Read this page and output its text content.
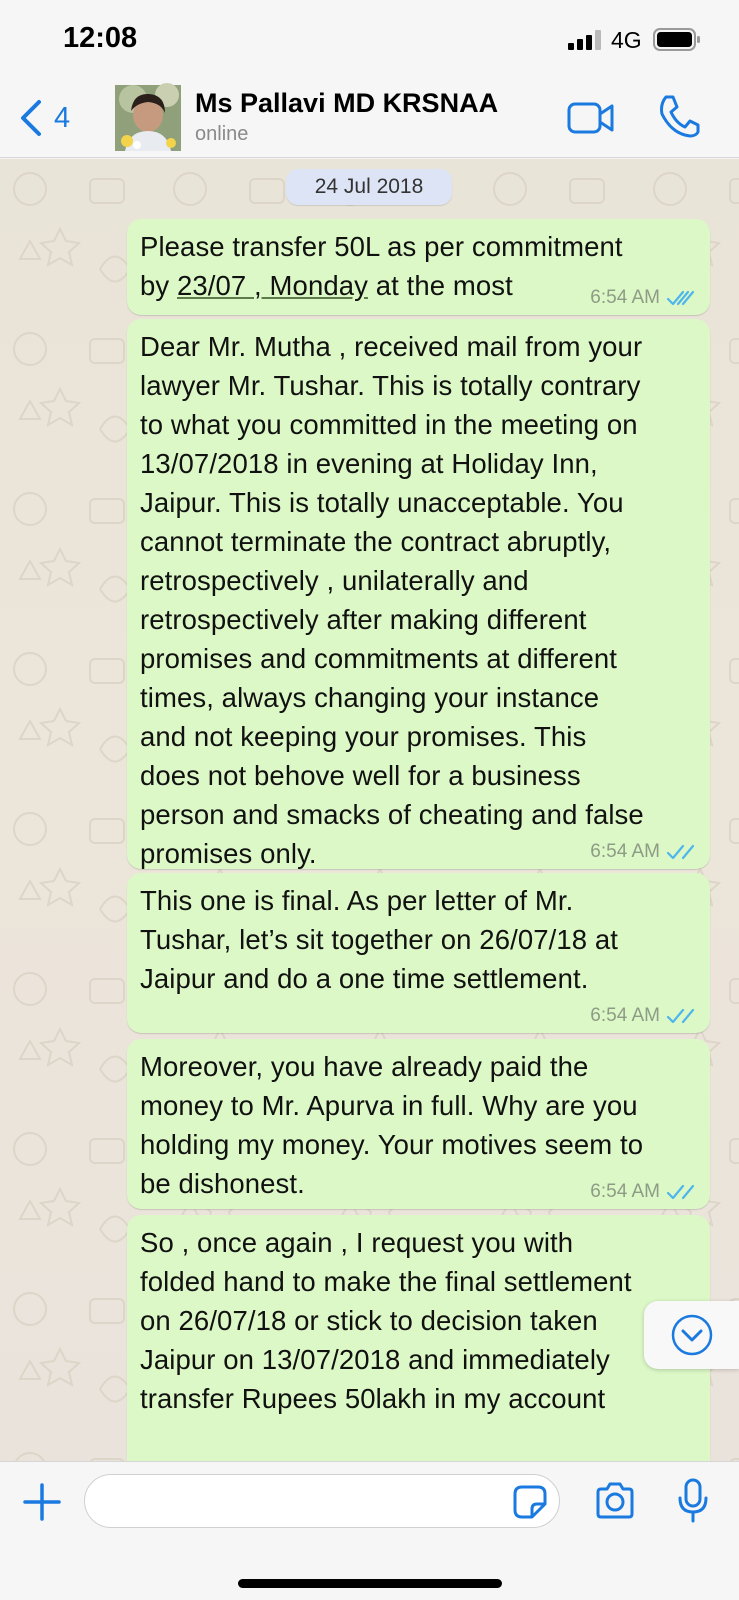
12:08	4G
4	Ms Pallavi MD KRSNAA
online
24 Jul 2018
Please transfer 50L as per commitment
by 23/07 , Monday at the most	6:54 AM
Dear Mr. Mutha , received mail from your
lawyer Mr. Tushar. This is totally contrary
to what you committed in the meeting on
13/07/2018 in evening at Holiday Inn,
Jaipur. This is totally unacceptable. You
cannot terminate the contract abruptly,
retrospectively , unilaterally and
retrospectively after making different
promises and commitments at different
times, always changing your instance
and not keeping your promises. This
does not behove well for a business
person and smacks of cheating and false
promises only.	6:54 AM
This one is final. As per letter of Mr.
Tushar, let’s sit together on 26/07/18 at
Jaipur and do a one time settlement.
6:54 AM
Moreover, you have already paid the
money to Mr. Apurva in full. Why are you
holding my money. Your motives seem to
be dishonest.	6:54 AM
So , once again , I request you with
folded hand to make the final settlement
on 26/07/18 or stick to decision taken
Jaipur on 13/07/2018 and immediately
transfer Rupees 50lakh in my account
